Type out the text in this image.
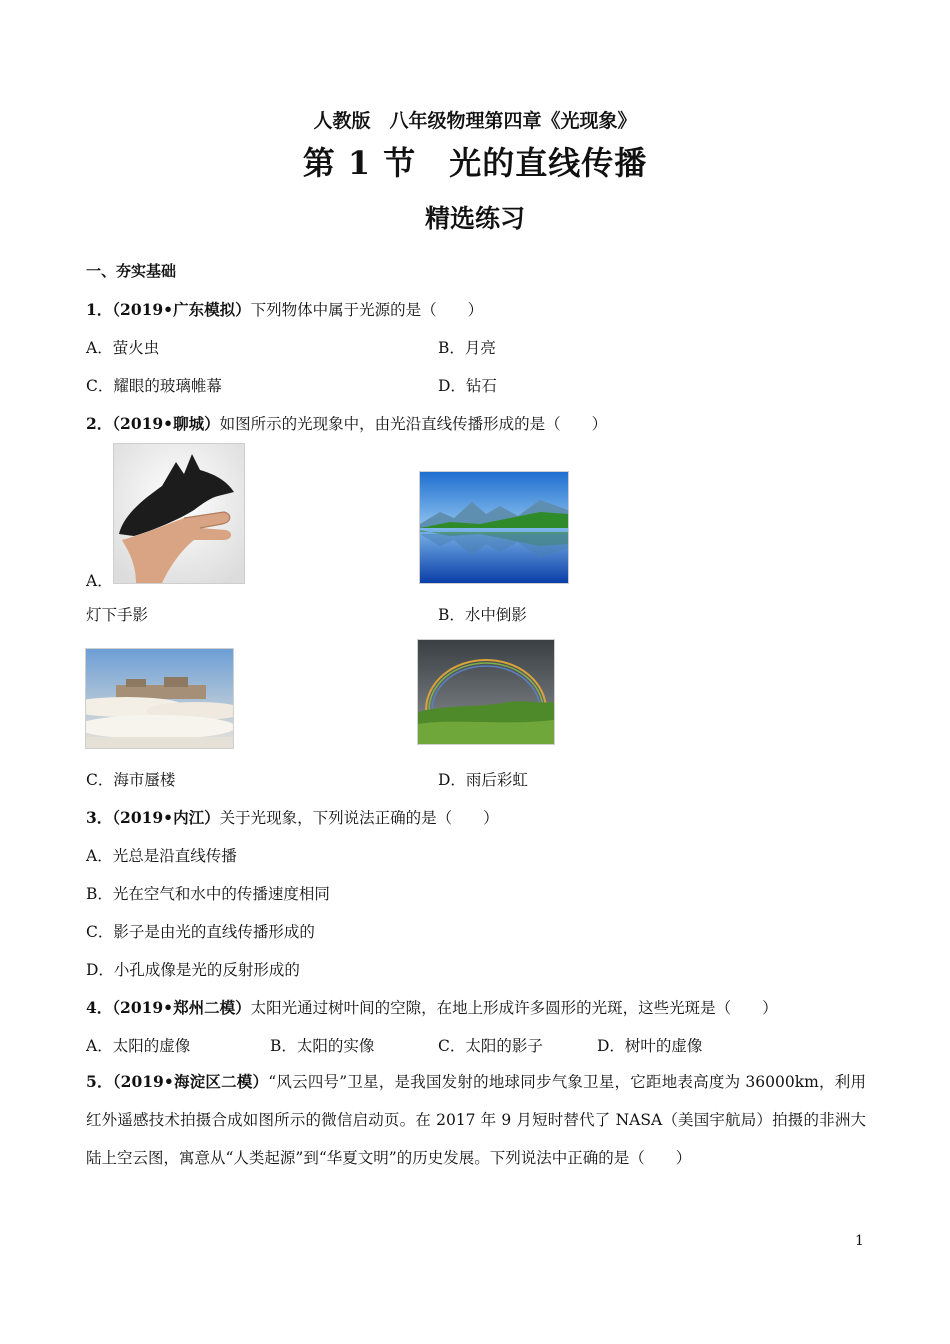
人教版　八年级物理第四章《光现象》
第 1 节　光的直线传播
精选练习
一、夯实基础
1．（2019•广东模拟）下列物体中属于光源的是（　　）
A．萤火虫	B．月亮
C．耀眼的玻璃帷幕	D．钻石
2．（2019•聊城）如图所示的光现象中，由光沿直线传播形成的是（　　）
A．
灯下手影	B．水中倒影
C．海市蜃楼	D．雨后彩虹
3．（2019•内江）关于光现象，下列说法正确的是（　　）
A．光总是沿直线传播
B．光在空气和水中的传播速度相同
C．影子是由光的直线传播形成的
D．小孔成像是光的反射形成的
4．（2019•郑州二模）太阳光通过树叶间的空隙，在地上形成许多圆形的光斑，这些光斑是（　　）
A．太阳的虚像	B．太阳的实像	C．太阳的影子	D．树叶的虚像
5．（2019•海淀区二模）“风云四号”卫星，是我国发射的地球同步气象卫星，它距地表高度为 36000km，利用红外遥感技术拍摄合成如图所示的微信启动页。在 2017 年 9 月短时替代了 NASA（美国宇航局）拍摄的非洲大陆上空云图，寓意从“人类起源”到“华夏文明”的历史发展。下列说法中正确的是（　　）
1
